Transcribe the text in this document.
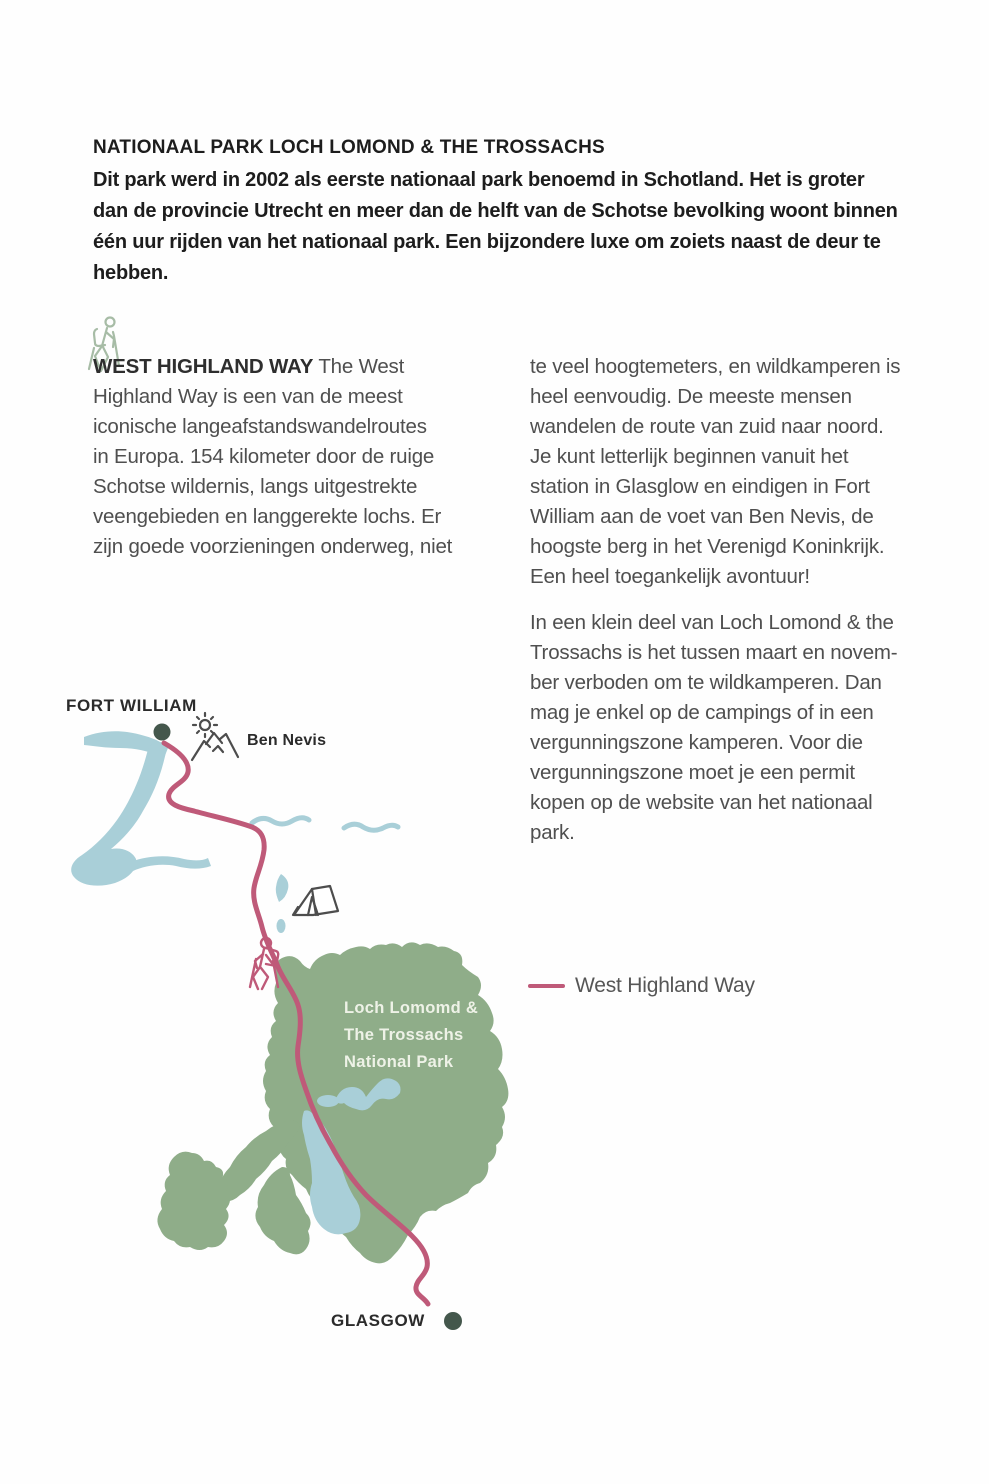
NATIONAAL PARK LOCH LOMOND & THE TROSSACHS
Dit park werd in 2002 als eerste nationaal park benoemd in Schotland. Het is groter
dan de provincie Utrecht en meer dan de helft van de Schotse bevolking woont binnen
één uur rijden van het nationaal park. Een bijzondere luxe om zoiets naast de deur te
hebben.
WEST HIGHLAND WAY The West
Highland Way is een van de meest
iconische langeafstandswandelroutes
in Europa. 154 kilometer door de ruige
Schotse wildernis, langs uitgestrekte
veengebieden en langgerekte lochs. Er
zijn goede voorzieningen onderweg, niet
te veel hoogtemeters, en wildkamperen is
heel eenvoudig. De meeste mensen
wandelen de route van zuid naar noord.
Je kunt letterlijk beginnen vanuit het
station in Glasglow en eindigen in Fort
William aan de voet van Ben Nevis, de
hoogste berg in het Verenigd Koninkrijk.
Een heel toegankelijk avontuur!
In een klein deel van Loch Lomond & the
Trossachs is het tussen maart en novem-
ber verboden om te wildkamperen. Dan
mag je enkel op de campings of in een
vergunningszone kamperen. Voor die
vergunningszone moet je een permit
kopen op de website van het nationaal
park.
FORT WILLIAM
Ben Nevis
GLASGOW
Loch Lomomd &
The Trossachs
National Park
West Highland Way
